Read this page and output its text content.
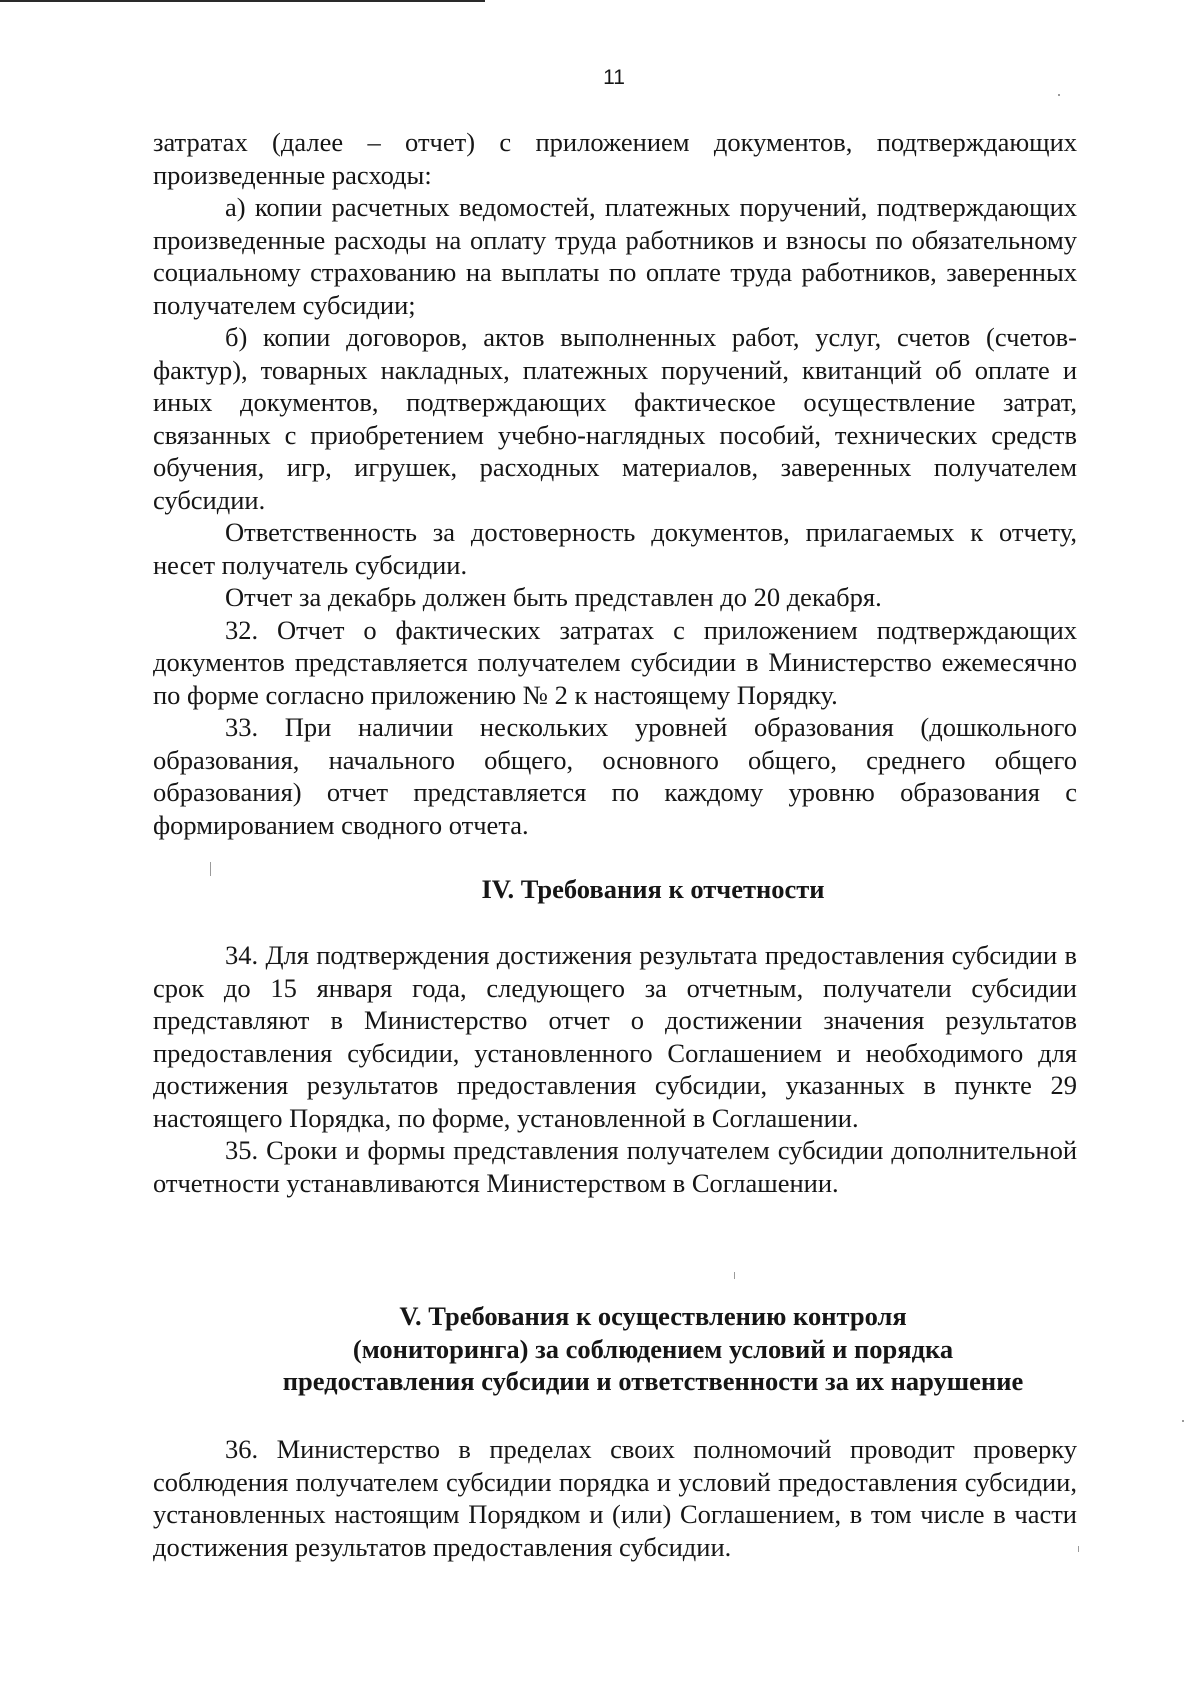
11

затратах (далее – отчет) с приложением документов, подтверждающих произведенные расходы:

а) копии расчетных ведомостей, платежных поручений, подтверждающих произведенные расходы на оплату труда работников и взносы по обязательному социальному страхованию на выплаты по оплате труда работников, заверенных получателем субсидии;

б) копии договоров, актов выполненных работ, услуг, счетов (счетов-фактур), товарных накладных, платежных поручений, квитанций об оплате и иных документов, подтверждающих фактическое осуществление затрат, связанных с приобретением учебно-наглядных пособий, технических средств обучения, игр, игрушек, расходных материалов, заверенных получателем субсидии.

Ответственность за достоверность документов, прилагаемых к отчету, несет получатель субсидии.

Отчет за декабрь должен быть представлен до 20 декабря.

32. Отчет о фактических затратах с приложением подтверждающих документов представляется получателем субсидии в Министерство ежемесячно по форме согласно приложению № 2 к настоящему Порядку.

33. При наличии нескольких уровней образования (дошкольного образования, начального общего, основного общего, среднего общего образования) отчет представляется по каждому уровню образования с формированием сводного отчета.

IV. Требования к отчетности

34. Для подтверждения достижения результата предоставления субсидии в срок до 15 января года, следующего за отчетным, получатели субсидии представляют в Министерство отчет о достижении значения результатов предоставления субсидии, установленного Соглашением и необходимого для достижения результатов предоставления субсидии, указанных в пункте 29 настоящего Порядка, по форме, установленной в Соглашении.

35. Сроки и формы представления получателем субсидии дополнительной отчетности устанавливаются Министерством в Соглашении.

V. Требования к осуществлению контроля
(мониторинга) за соблюдением условий и порядка
предоставления субсидии и ответственности за их нарушение

36. Министерство в пределах своих полномочий проводит проверку соблюдения получателем субсидии порядка и условий предоставления субсидии, установленных настоящим Порядком и (или) Соглашением, в том числе в части достижения результатов предоставления субсидии.
